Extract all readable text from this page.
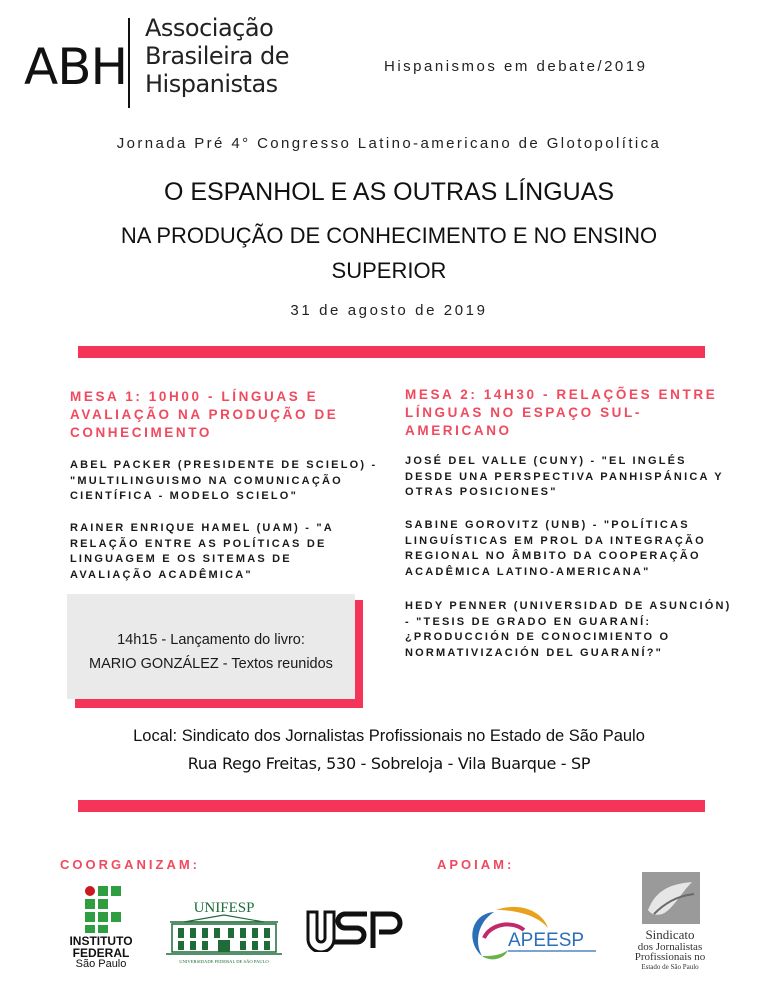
ABH
Associação
Brasileira de
Hispanistas
Hispanismos em debate/2019
Jornada Pré 4° Congresso Latino-americano de Glotopolítica
O ESPANHOL E AS OUTRAS LÍNGUAS
NA PRODUÇÃO DE CONHECIMENTO E NO ENSINO
SUPERIOR
31 de agosto de 2019
MESA 1: 10H00 - LÍNGUAS E AVALIAÇÃO NA PRODUÇÃO DE CONHECIMENTO
ABEL PACKER (PRESIDENTE DE SCIELO) - "MULTILINGUISMO NA COMUNICAÇÃO CIENTÍFICA - MODELO SCIELO"
RAINER ENRIQUE HAMEL (UAM) - "A RELAÇÃO ENTRE AS POLÍTICAS DE LINGUAGEM E OS SITEMAS DE AVALIAÇÃO ACADÊMICA"
14h15 - Lançamento do livro:
MARIO GONZÁLEZ - Textos reunidos
MESA 2: 14H30 - RELAÇÕES ENTRE LÍNGUAS NO ESPAÇO SUL-AMERICANO
JOSÉ DEL VALLE (CUNY) - "EL INGLÉS DESDE UNA PERSPECTIVA PANHISPÁNICA Y OTRAS POSICIONES"
SABINE GOROVITZ (UNB) - "POLÍTICAS LINGUÍSTICAS EM PROL DA INTEGRAÇÃO REGIONAL NO ÂMBITO DA COOPERAÇÃO ACADÊMICA LATINO-AMERICANA"
HEDY PENNER (UNIVERSIDAD DE ASUNCIÓN) - "TESIS DE GRADO EN GUARANÍ: ¿PRODUCCIÓN DE CONOCIMIENTO O NORMATIVIZACIÓN DEL GUARANÍ?"
Local: Sindicato dos Jornalistas Profissionais no Estado de São Paulo
Rua Rego Freitas, 530 - Sobreloja - Vila Buarque - SP
COORGANIZAM:	APOIAM:
INSTITUTO
FEDERAL
São Paulo
UNIFESP
UNIVERSIDADE FEDERAL DE SÃO PAULO
APEESP	Sindicato
dos Jornalistas
Profissionais no
Estado de São Paulo
